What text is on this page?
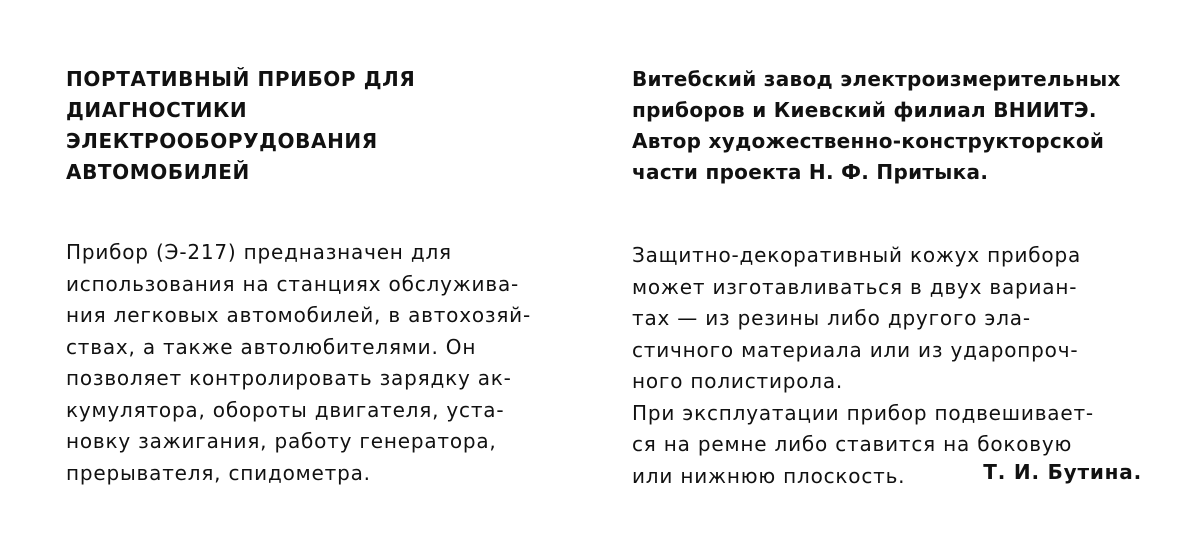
ПОРТАТИВНЫЙ ПРИБОР ДЛЯ
ДИАГНОСТИКИ
ЭЛЕКТРООБОРУДОВАНИЯ
АВТОМОБИЛЕЙ
Витебский завод электроизмерительных
приборов и Киевский филиал ВНИИТЭ.
Автор художественно-конструкторской
части проекта Н. Ф. Притыка.
Прибор (Э-217) предназначен для
использования на станциях обслужива-
ния легковых автомобилей, в автохозяй-
ствах, а также автолюбителями. Он
позволяет контролировать зарядку ак-
кумулятора, обороты двигателя, уста-
новку зажигания, работу генератора,
прерывателя, спидометра.
Защитно-декоративный кожух прибора
может изготавливаться в двух вариан-
тах — из резины либо другого эла-
стичного материала или из ударопроч-
ного полистирола.
При эксплуатации прибор подвешивает-
ся на ремне либо ставится на боковую
или нижнюю плоскость.	Т. И. Бутина.
